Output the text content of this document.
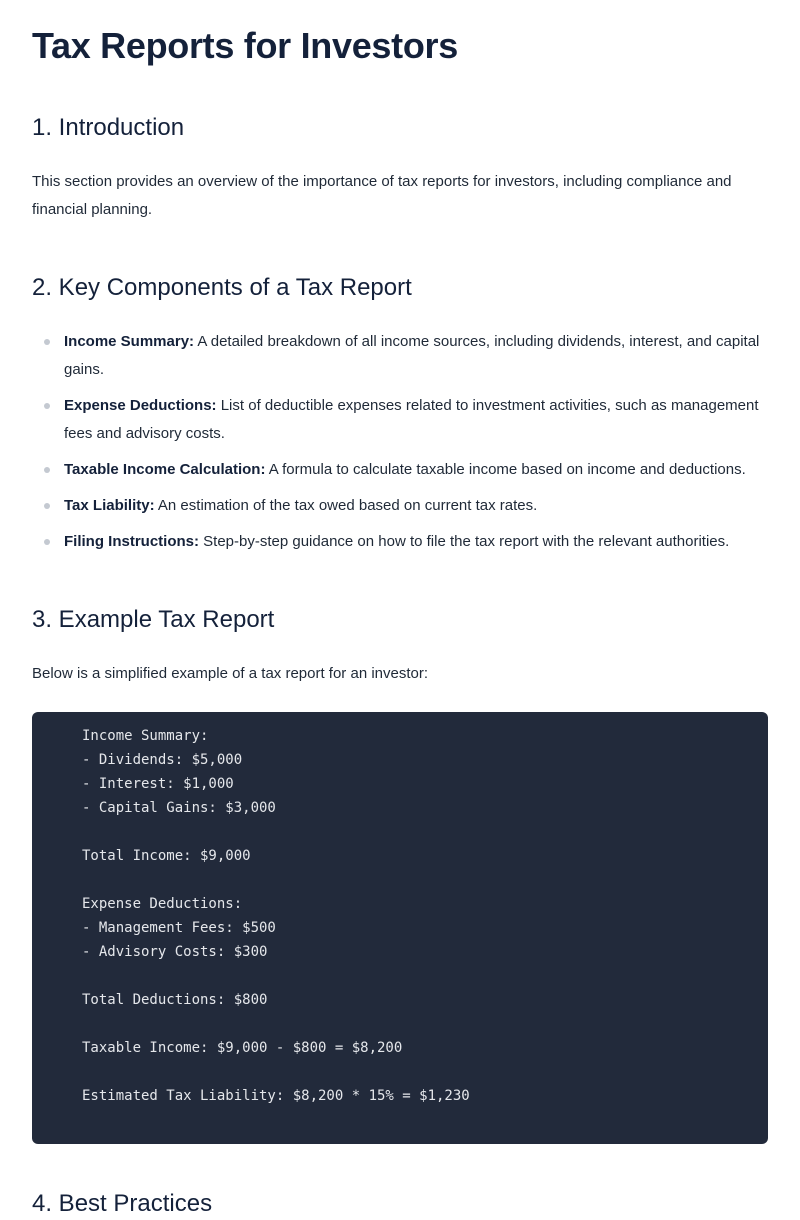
Tax Reports for Investors
1. Introduction

This section provides an overview of the importance of tax reports for investors, including compliance and financial planning.

2. Key Components of a Tax Report
Income Summary: A detailed breakdown of all income sources, including dividends, interest, and capital gains.
Expense Deductions: List of deductible expenses related to investment activities, such as management fees and advisory costs.
Taxable Income Calculation: A formula to calculate taxable income based on income and deductions.
Tax Liability: An estimation of the tax owed based on current tax rates.
Filing Instructions: Step-by-step guidance on how to file the tax report with the relevant authorities.
3. Example Tax Report

Below is a simplified example of a tax report for an investor:

Income Summary:
- Dividends: $5,000
- Interest: $1,000
- Capital Gains: $3,000
Total Income: $9,000
Expense Deductions:
- Management Fees: $500
- Advisory Costs: $300
Total Deductions: $800
Taxable Income: $9,000 - $800 = $8,200
Estimated Tax Liability: $8,200 * 15% = $1,230
4. Best Practices
